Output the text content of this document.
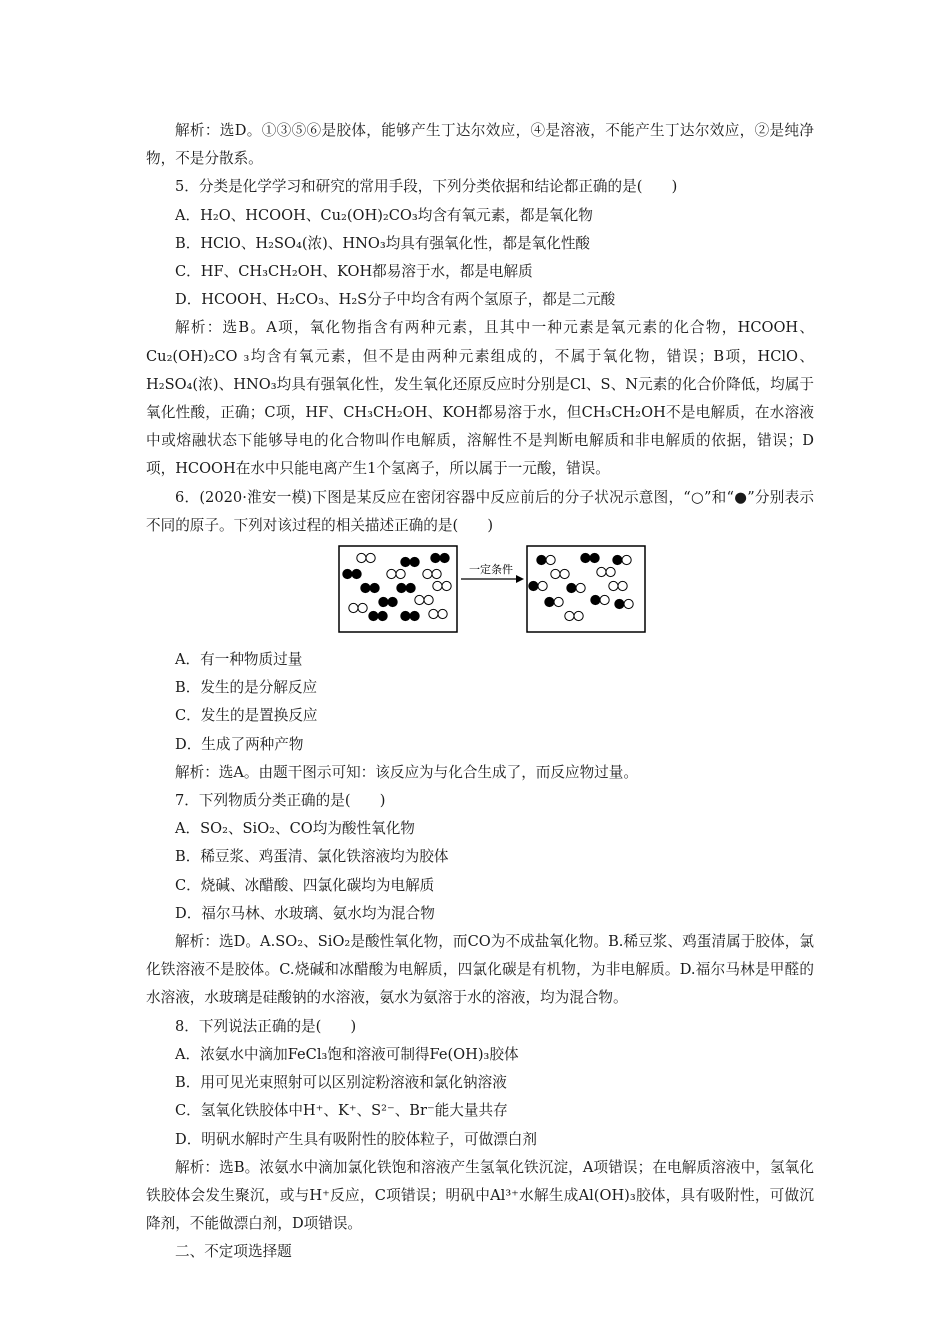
解析：选D。①③⑤⑥是胶体，能够产生丁达尔效应，④是溶液，不能产生丁达尔效应，②是纯净物，不是分散系。

5．分类是化学学习和研究的常用手段，下列分类依据和结论都正确的是(　　)

A．H₂O、HCOOH、Cu₂(OH)₂CO₃均含有氧元素，都是氧化物

B．HClO、H₂SO₄(浓)、HNO₃均具有强氧化性，都是氧化性酸

C．HF、CH₃CH₂OH、KOH都易溶于水，都是电解质

D．HCOOH、H₂CO₃、H₂S分子中均含有两个氢原子，都是二元酸

解析：选B。A项，氧化物指含有两种元素，且其中一种元素是氧元素的化合物，HCOOH、Cu₂(OH)₂CO ₃均含有氧元素，但不是由两种元素组成的，不属于氧化物，错误；B项，HClO、H₂SO₄(浓)、HNO₃均具有强氧化性，发生氧化还原反应时分别是Cl、S、N元素的化合价降低，均属于氧化性酸，正确；C项，HF、CH₃CH₂OH、KOH都易溶于水，但CH₃CH₂OH不是电解质，在水溶液中或熔融状态下能够导电的化合物叫作电解质，溶解性不是判断电解质和非电解质的依据，错误；D项，HCOOH在水中只能电离产生1个氢离子，所以属于一元酸，错误。

6．(2020·淮安一模)下图是某反应在密闭容器中反应前后的分子状况示意图，“○”和“●”分别表示不同的原子。下列对该过程的相关描述正确的是(　　)

一定条件

A．有一种物质过量

B．发生的是分解反应

C．发生的是置换反应

D．生成了两种产物

解析：选A。由题干图示可知：该反应为与化合生成了，而反应物过量。

7．下列物质分类正确的是(　　)

A．SO₂、SiO₂、CO均为酸性氧化物

B．稀豆浆、鸡蛋清、氯化铁溶液均为胶体

C．烧碱、冰醋酸、四氯化碳均为电解质

D．福尔马林、水玻璃、氨水均为混合物

解析：选D。A.SO₂、SiO₂是酸性氧化物，而CO为不成盐氧化物。B.稀豆浆、鸡蛋清属于胶体，氯化铁溶液不是胶体。C.烧碱和冰醋酸为电解质，四氯化碳是有机物，为非电解质。D.福尔马林是甲醛的水溶液，水玻璃是硅酸钠的水溶液，氨水为氨溶于水的溶液，均为混合物。

8．下列说法正确的是(　　)

A．浓氨水中滴加FeCl₃饱和溶液可制得Fe(OH)₃胶体

B．用可见光束照射可以区别淀粉溶液和氯化钠溶液

C．氢氧化铁胶体中H⁺、K⁺、S²⁻、Br⁻能大量共存

D．明矾水解时产生具有吸附性的胶体粒子，可做漂白剂

解析：选B。浓氨水中滴加氯化铁饱和溶液产生氢氧化铁沉淀，A项错误；在电解质溶液中，氢氧化铁胶体会发生聚沉，或与H⁺反应，C项错误；明矾中Al³⁺水解生成Al(OH)₃胶体，具有吸附性，可做沉降剂，不能做漂白剂，D项错误。

二、不定项选择题
